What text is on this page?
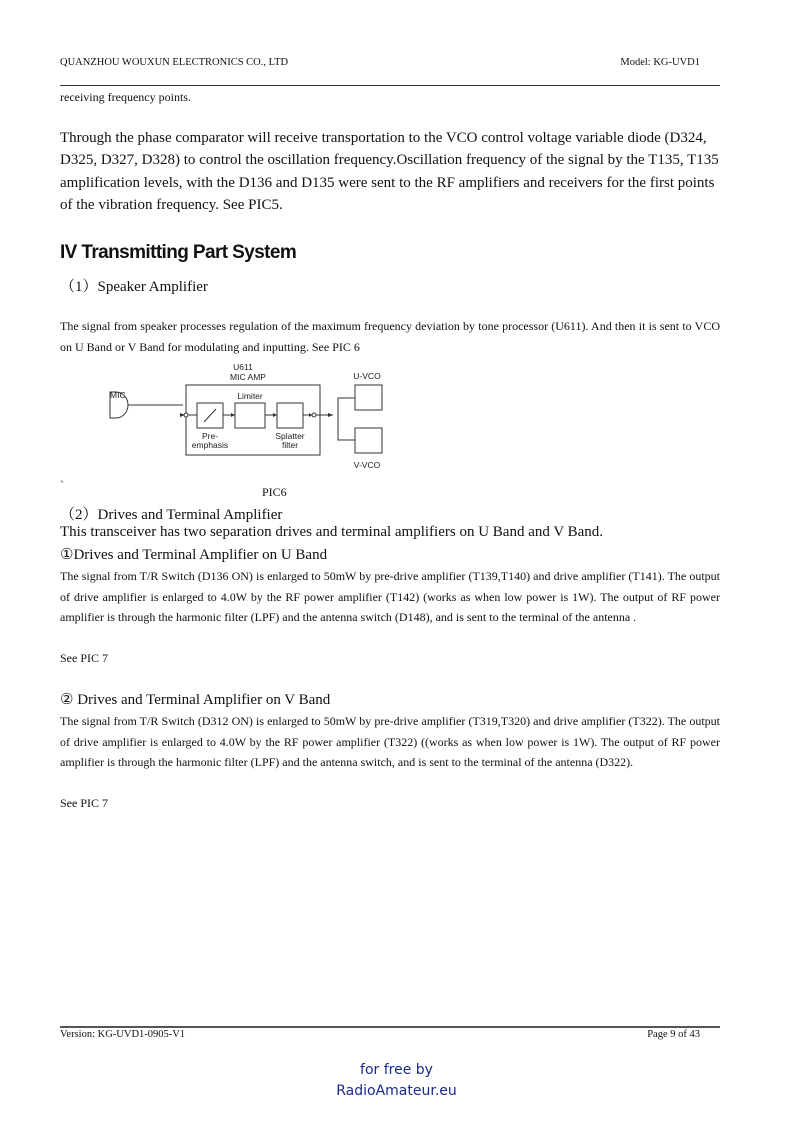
QUANZHOU WOUXUN ELECTRONICS CO., LTD	Model: KG-UVD1
receiving frequency points.
Through the phase comparator will receive transportation to the VCO control voltage variable diode (D324, D325, D327, D328) to control the oscillation frequency.Oscillation frequency of the signal by the T135, T135 amplification levels, with the D136 and D135 were sent to the RF amplifiers and receivers for the first points of the vibration frequency. See PIC5.
IV Transmitting Part System
（1）Speaker Amplifier
The signal from speaker processes regulation of the maximum frequency deviation by tone processor (U611). And then it is sent to VCO on U Band or V Band for modulating and inputting. See PIC 6
U611
MIC AMP
MIC	Limiter
Pre-
emphasis
Splatter
filter
U-VCO
V-VCO
`	PIC6
（2）Drives and Terminal Amplifier
This transceiver has two separation drives and terminal amplifiers on U Band and V Band.
①Drives and Terminal Amplifier on U Band
The signal from T/R Switch (D136 ON) is enlarged to 50mW by pre-drive amplifier (T139,T140) and drive amplifier (T141). The output of drive amplifier is enlarged to 4.0W by the RF power amplifier (T142) (works as when low power is 1W). The output of RF power amplifier is through the harmonic filter (LPF) and the antenna switch (D148), and is sent to the terminal of the antenna .
See PIC 7
② Drives and Terminal Amplifier on V Band
The signal from T/R Switch (D312 ON) is enlarged to 50mW by pre-drive amplifier (T319,T320) and drive amplifier (T322). The output of drive amplifier is enlarged to 4.0W by the RF power amplifier (T322) ((works as when low power is 1W). The output of RF power amplifier is through the harmonic filter (LPF) and the antenna switch, and is sent to the terminal of the antenna (D322).
See PIC 7
Version: KG-UVD1-0905-V1	Page 9 of 43
for free by
RadioAmateur.eu
